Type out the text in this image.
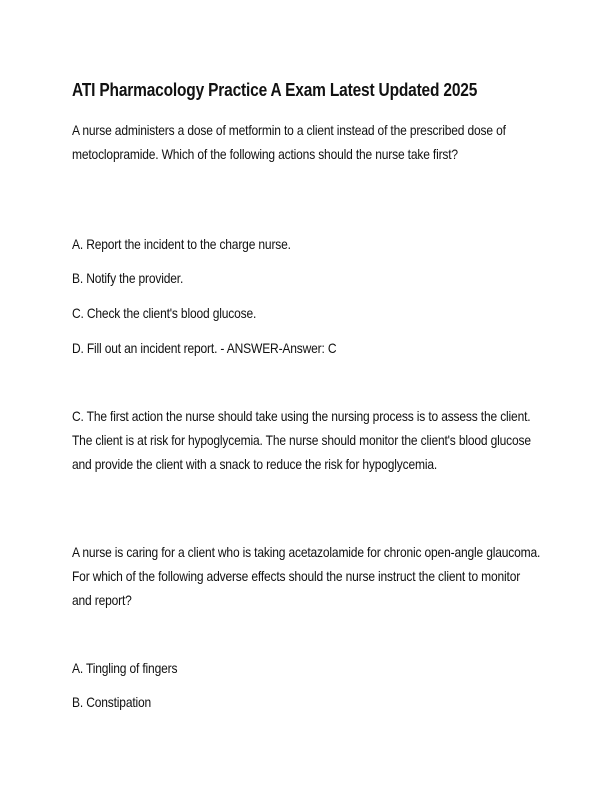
ATI Pharmacology Practice A Exam Latest Updated 2025

A nurse administers a dose of metformin to a client instead of the prescribed dose of metoclopramide. Which of the following actions should the nurse take first?

A. Report the incident to the charge nurse.

B. Notify the provider.

C. Check the client's blood glucose.

D. Fill out an incident report. - ANSWER-Answer: C

C. The first action the nurse should take using the nursing process is to assess the client. The client is at risk for hypoglycemia. The nurse should monitor the client's blood glucose and provide the client with a snack to reduce the risk for hypoglycemia.

A nurse is caring for a client who is taking acetazolamide for chronic open-angle glaucoma. For which of the following adverse effects should the nurse instruct the client to monitor and report?

A. Tingling of fingers

B. Constipation
